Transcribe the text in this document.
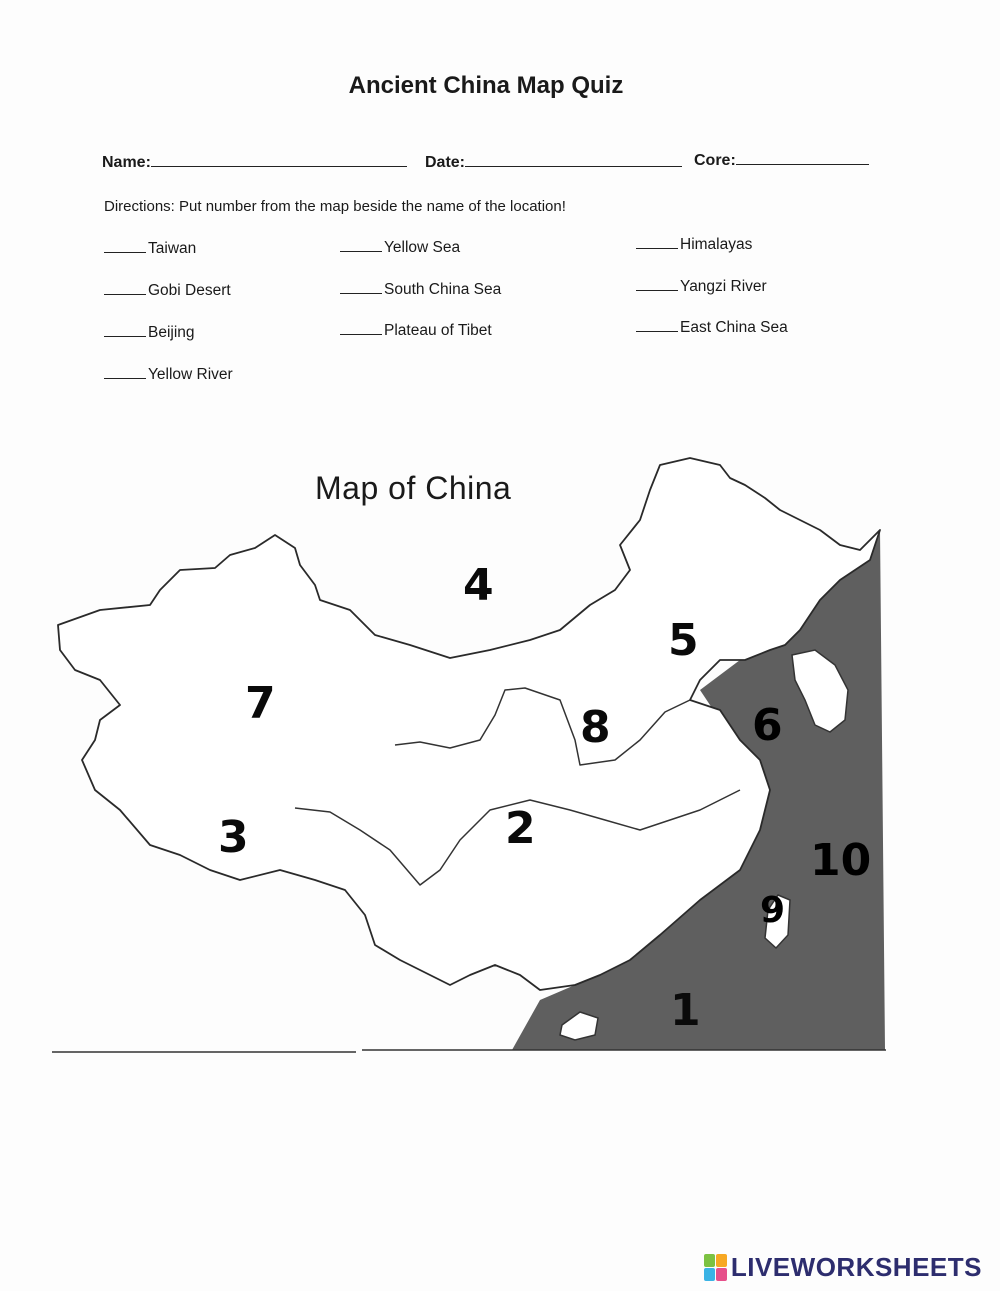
Ancient China Map Quiz
Name:	Date:	Core:
Directions: Put number from the map beside the name of the location!
Taiwan	Yellow Sea	Himalayas
Gobi Desert	South China Sea	Yangzi River
Beijing	Plateau of Tibet	East China Sea
Yellow River
Map of China
1
2
3
4
5
6
7	8
9
10
LIVEWORKSHEETS
